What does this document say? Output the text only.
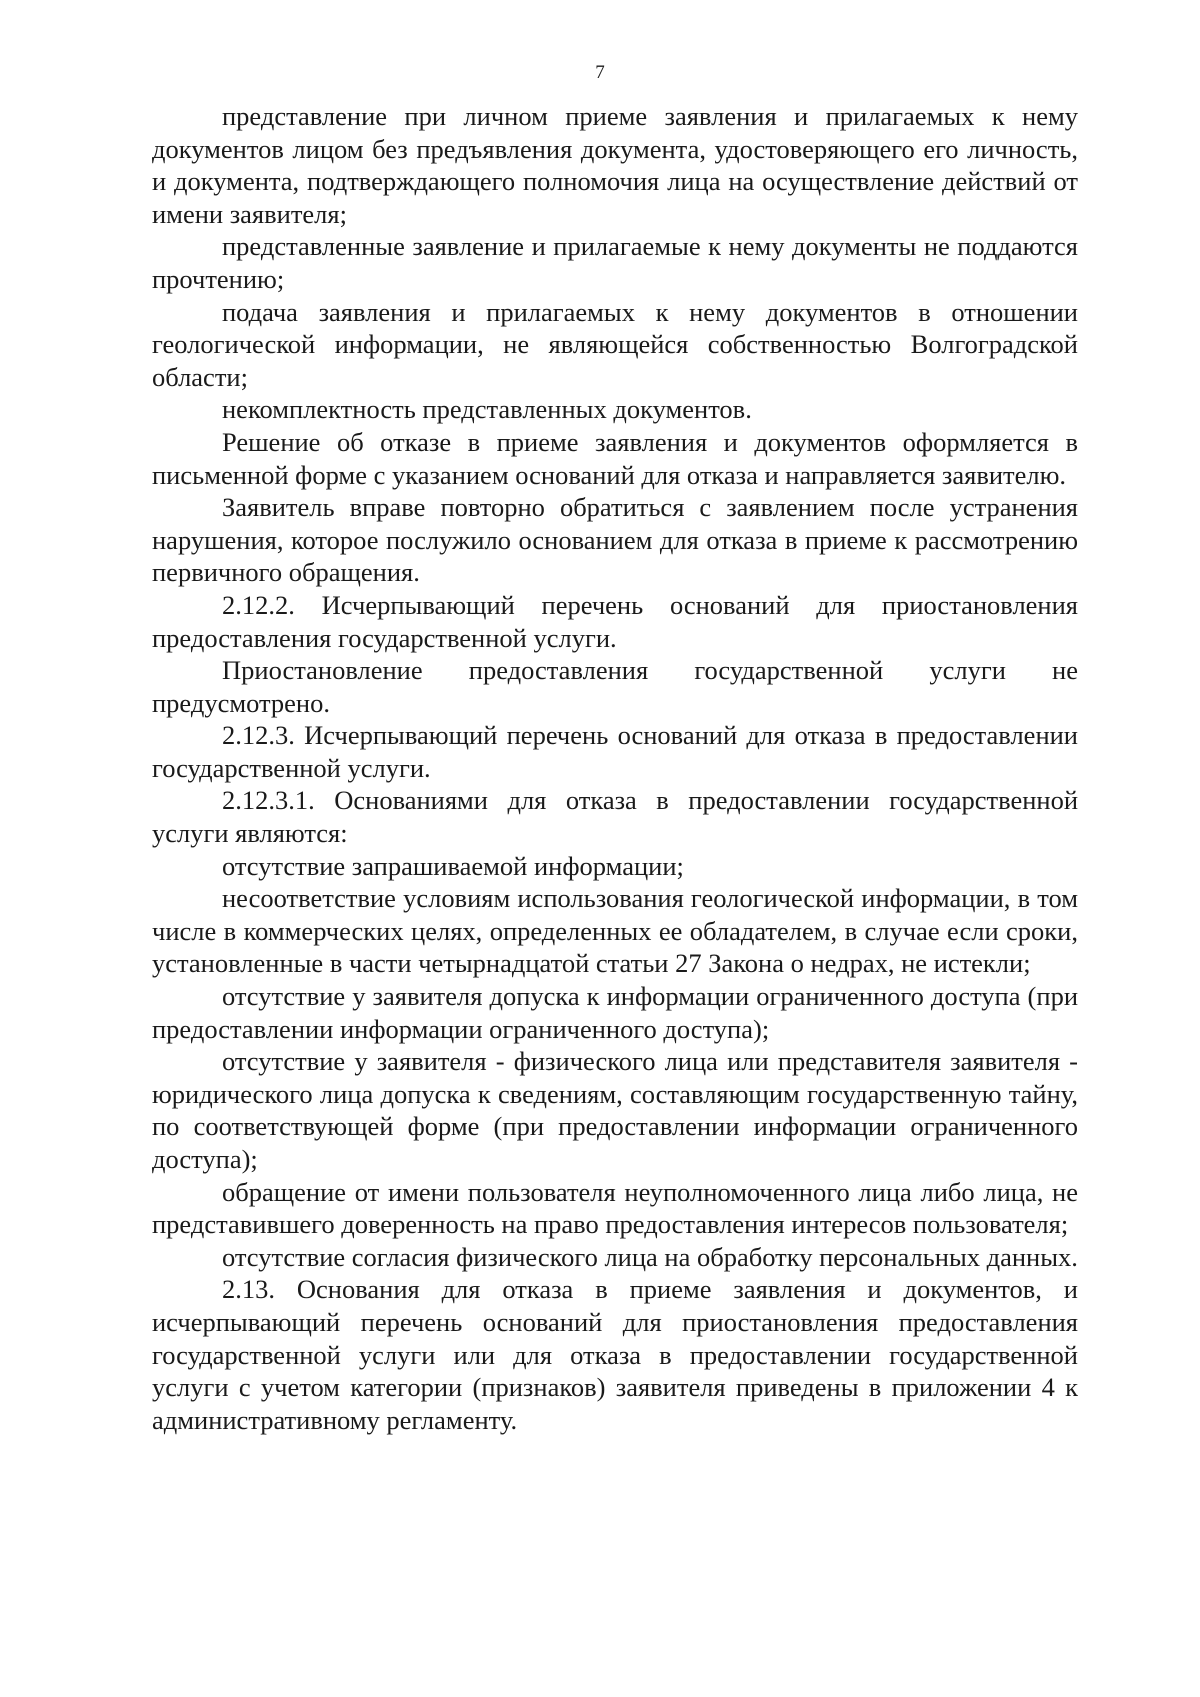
7

представление при личном приеме заявления и прилагаемых к нему документов лицом без предъявления документа, удостоверяющего его личность, и документа, подтверждающего полномочия лица на осуществление действий от имени заявителя;

представленные заявление и прилагаемые к нему документы не поддаются прочтению;

подача заявления и прилагаемых к нему документов в отношении геологической информации, не являющейся собственностью Волгоградской области;

некомплектность представленных документов.

Решение об отказе в приеме заявления и документов оформляется в письменной форме с указанием оснований для отказа и направляется заявителю.

Заявитель вправе повторно обратиться с заявлением после устранения нарушения, которое послужило основанием для отказа в приеме к рассмотрению первичного обращения.

2.12.2. Исчерпывающий перечень оснований для приостановления предоставления государственной услуги.

Приостановление предоставления государственной услуги не предусмотрено.

2.12.3. Исчерпывающий перечень оснований для отказа в предоставлении государственной услуги.

2.12.3.1. Основаниями для отказа в предоставлении государственной услуги являются:

отсутствие запрашиваемой информации;

несоответствие условиям использования геологической информации, в том числе в коммерческих целях, определенных ее обладателем, в случае если сроки, установленные в части четырнадцатой статьи 27 Закона о недрах, не истекли;

отсутствие у заявителя допуска к информации ограниченного доступа (при предоставлении информации ограниченного доступа);

отсутствие у заявителя - физического лица или представителя заявителя - юридического лица допуска к сведениям, составляющим государственную тайну, по соответствующей форме (при предоставлении информации ограниченного доступа);

обращение от имени пользователя неуполномоченного лица либо лица, не представившего доверенность на право предоставления интересов пользователя;

отсутствие согласия физического лица на обработку персональных данных.

2.13. Основания для отказа в приеме заявления и документов, и исчерпывающий перечень оснований для приостановления предоставления государственной услуги или для отказа в предоставлении государственной услуги с учетом категории (признаков) заявителя приведены в приложении 4 к административному регламенту.
